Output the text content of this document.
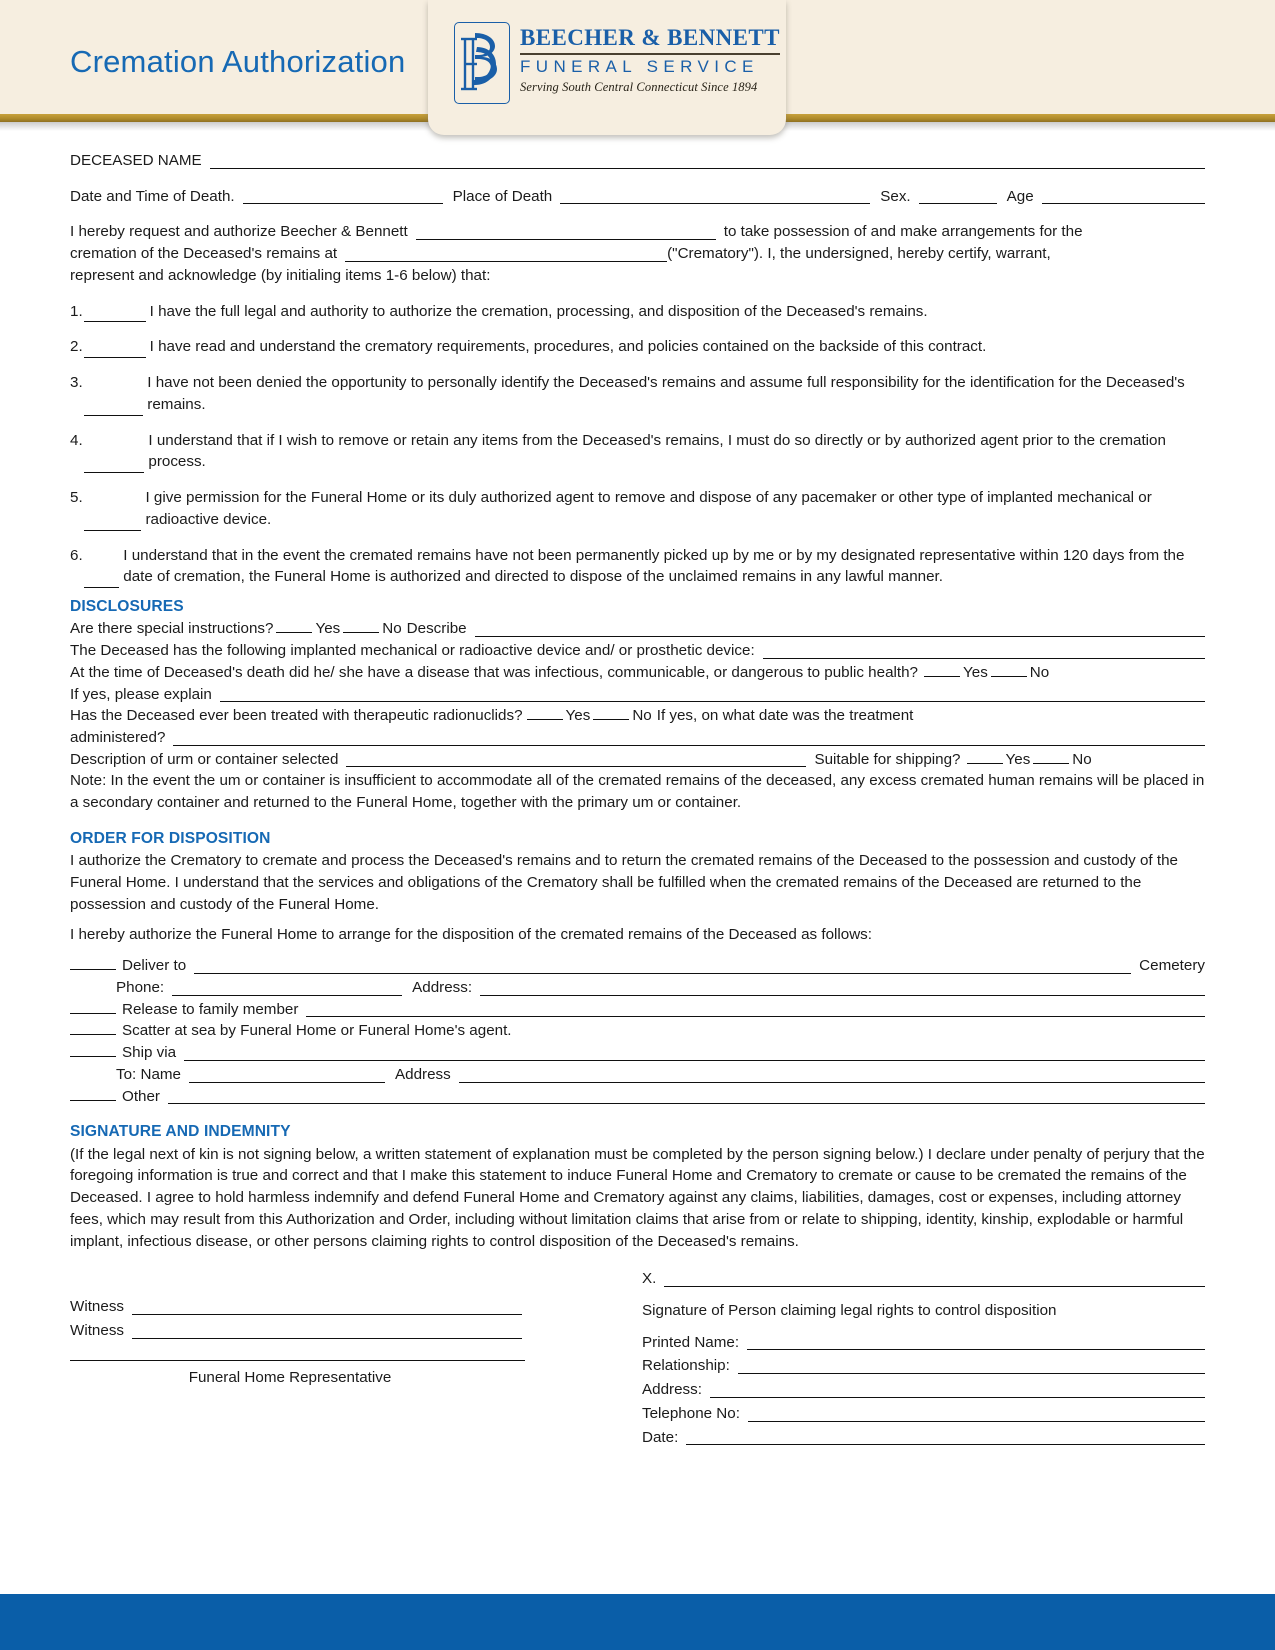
Cremation Authorization
BEECHER & BENNETT
FUNERAL SERVICE
Serving South Central Connecticut Since 1894
DECEASED NAME
Date and Time of Death.	Place of Death	Sex.	Age
I hereby request and authorize Beecher & Bennett	to take possession of and make arrangements for the
cremation of the Deceased's remains at	("Crematory"). I, the undersigned, hereby certify, warrant,
represent and acknowledge (by initialing items 1-6 below) that:
1.	I have the full legal and authority to authorize the cremation, processing, and disposition of the Deceased's remains.
2.	I have read and understand the crematory requirements, procedures, and policies contained on the backside of this contract.
3.	I have not been denied the opportunity to personally identify the Deceased's remains and assume full responsibility for the identification for the Deceased's remains.
4.	I understand that if I wish to remove or retain any items from the Deceased's remains, I must do so directly or by authorized agent prior to the cremation process.
5.	I give permission for the Funeral Home or its duly authorized agent to remove and dispose of any pacemaker or other type of implanted mechanical or radioactive device.
6.	I understand that in the event the cremated remains have not been permanently picked up by me or by my designated representative within 120 days from the date of cremation, the Funeral Home is authorized and directed to dispose of the unclaimed remains in any lawful manner.
DISCLOSURES
Are there special instructions?	Yes	No Describe
The Deceased has the following implanted mechanical or radioactive device and/ or prosthetic device:
At the time of Deceased's death did he/ she have a disease that was infectious, communicable, or dangerous to public health?	Yes	No
If yes, please explain
Has the Deceased ever been treated with therapeutic radionuclids?	Yes	No If yes, on what date was the treatment
administered?
Description of urm or container selected	Suitable for shipping?	Yes	No
Note: In the event the um or container is insufficient to accommodate all of the cremated remains of the deceased, any excess cremated human remains will be placed in a secondary container and returned to the Funeral Home, together with the primary um or container.
ORDER FOR DISPOSITION
I authorize the Crematory to cremate and process the Deceased's remains and to return the cremated remains of the Deceased to the possession and custody of the Funeral Home. I understand that the services and obligations of the Crematory shall be fulfilled when the cremated remains of the Deceased are returned to the possession and custody of the Funeral Home.
I hereby authorize the Funeral Home to arrange for the disposition of the cremated remains of the Deceased as follows:
Deliver to	Cemetery
Phone:	Address:
Release to family member
Scatter at sea by Funeral Home or Funeral Home's agent.
Ship via
To: Name	Address
Other
SIGNATURE AND INDEMNITY
(If the legal next of kin is not signing below, a written statement of explanation must be completed by the person signing below.) I declare under penalty of perjury that the foregoing information is true and correct and that I make this statement to induce Funeral Home and Crematory to cremate or cause to be cremated the remains of the Deceased. I agree to hold harmless indemnify and defend Funeral Home and Crematory against any claims, liabilities, damages, cost or expenses, including attorney fees, which may result from this Authorization and Order, including without limitation claims that arise from or relate to shipping, identity, kinship, explodable or harmful implant, infectious disease, or other persons claiming rights to control disposition of the Deceased's remains.
Witness
Witness
Funeral Home Representative
X.
Signature of Person claiming legal rights to control disposition
Printed Name:
Relationship:
Address:
Telephone No:
Date:
